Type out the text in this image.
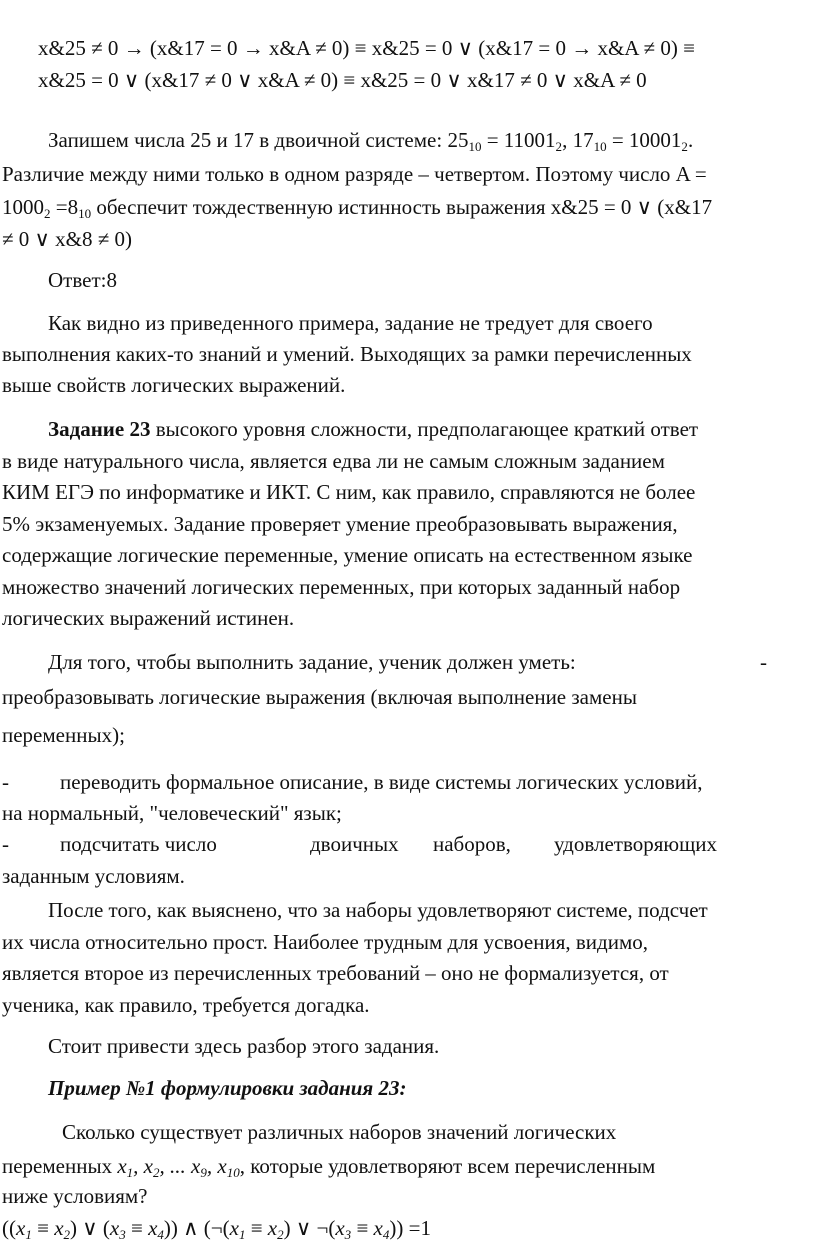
x&25 ≠ 0 → (x&17 = 0 → x&A ≠ 0) ≡ x&25 = 0 ∨ (x&17 = 0 → x&A ≠ 0) ≡
x&25 = 0 ∨ (x&17 ≠ 0 ∨ x&A ≠ 0) ≡ x&25 = 0 ∨ x&17 ≠ 0 ∨ x&A ≠ 0
Запишем числа 25 и 17 в двоичной системе: $25_{10} = 11001_2$, $17_{10} = 10001_2$.
Различие между ними только в одном разряде – четвертом. Поэтому число A =
$1000_2 =8_{10}$ обеспечит тождественную истинность выражения x&25 = 0 ∨ (x&17
≠ 0 ∨ x&8 ≠ 0)
Ответ:8
Как видно из приведенного примера, задание не тредует для своего
выполнения каких-то знаний и умений. Выходящих за рамки перечисленных
выше свойств логических выражений.
Задание 23 высокого уровня сложности, предполагающее краткий ответ
в виде натурального числа, является едва ли не самым сложным заданием
КИМ ЕГЭ по информатике и ИКТ. С ним, как правило, справляются не более
5% экзаменуемых. Задание проверяет умение преобразовывать выражения,
содержащие логические переменные, умение описать на естественном языке
множество значений логических переменных, при которых заданный набор
логических выражений истинен.
Для того, чтобы выполнить задание, ученик должен уметь:	-
преобразовывать логические выражения (включая выполнение замены
переменных);
- переводить формальное описание, в виде системы логических условий,
на нормальный, "человеческий" язык;
- подсчитать число	двоичных наборов, удовлетворяющих
заданным условиям.
После того, как выяснено, что за наборы удовлетворяют системе, подсчет
их числа относительно прост. Наиболее трудным для усвоения, видимо,
является второе из перечисленных требований – оно не формализуется, от
ученика, как правило, требуется догадка.
Стоит привести здесь разбор этого задания.
Пример №1 формулировки задания 23:
Сколько существует различных наборов значений логических
переменных $x_1$, $x_2$, ... $x_9$, $x_{10}$, которые удовлетворяют всем перечисленным
ниже условиям?
($(x_1 \equiv x_2)$ ∨ $(x_3 \equiv x_4)$) ∧ ($\neg(x_1 \equiv x_2)$ ∨ $\neg(x_3 \equiv x_4)) =1$
